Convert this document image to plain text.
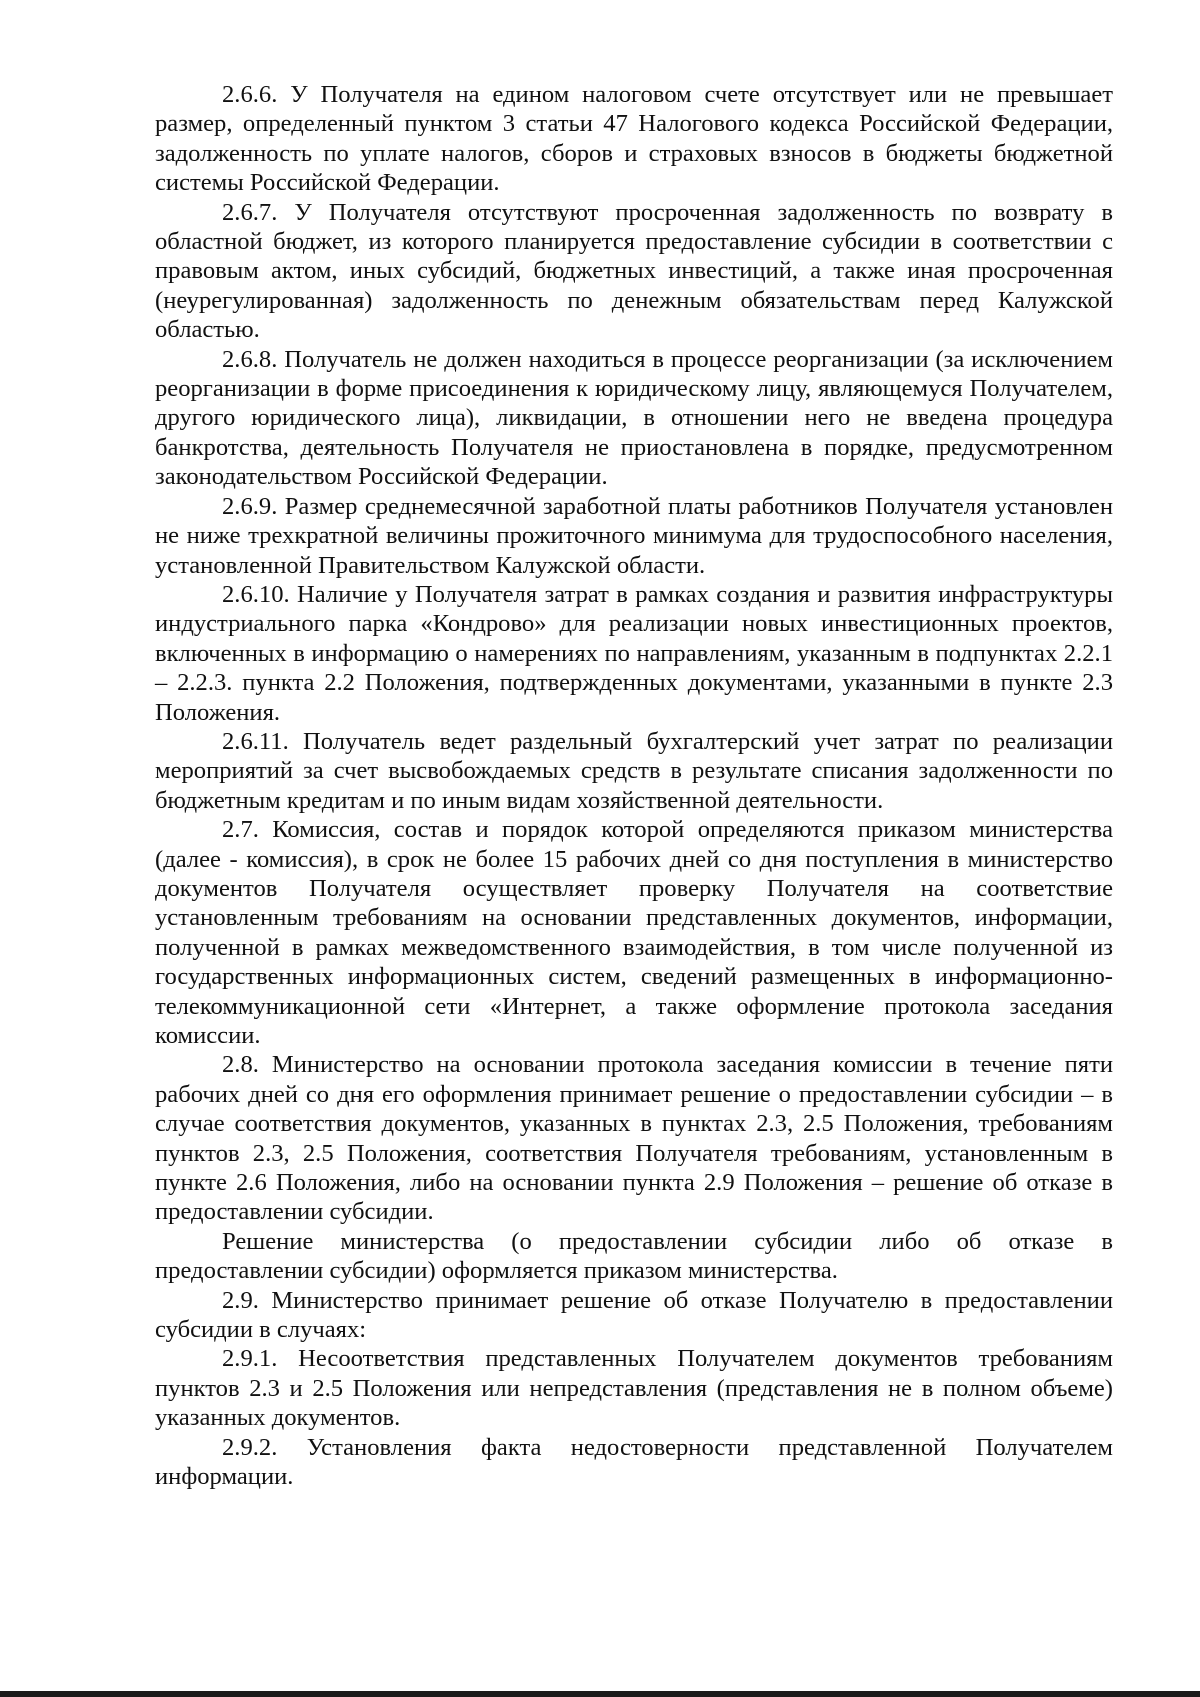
2.6.6. У Получателя на едином налоговом счете отсутствует или не превышает размер, определенный пунктом 3 статьи 47 Налогового кодекса Российской Федерации, задолженность по уплате налогов, сборов и страховых взносов в бюджеты бюджетной системы Российской Федерации.

2.6.7. У Получателя отсутствуют просроченная задолженность по возврату в областной бюджет, из которого планируется предоставление субсидии в соответствии с правовым актом, иных субсидий, бюджетных инвестиций, а также иная просроченная (неурегулированная) задолженность по денежным обязательствам перед Калужской областью.

2.6.8. Получатель не должен находиться в процессе реорганизации (за исключением реорганизации в форме присоединения к юридическому лицу, являющемуся Получателем, другого юридического лица), ликвидации, в отношении него не введена процедура банкротства, деятельность Получателя не приостановлена в порядке, предусмотренном законодательством Российской Федерации.

2.6.9. Размер среднемесячной заработной платы работников Получателя установлен не ниже трехкратной величины прожиточного минимума для трудоспособного населения, установленной Правительством Калужской области.

2.6.10. Наличие у Получателя затрат в рамках создания и развития инфраструктуры индустриального парка «Кондрово» для реализации новых инвестиционных проектов, включенных в информацию о намерениях по направлениям, указанным в подпунктах 2.2.1 – 2.2.3. пункта 2.2 Положения, подтвержденных документами, указанными в пункте 2.3 Положения.

2.6.11. Получатель ведет раздельный бухгалтерский учет затрат по реализации мероприятий за счет высвобождаемых средств в результате списания задолженности по бюджетным кредитам и по иным видам хозяйственной деятельности.

2.7. Комиссия, состав и порядок которой определяются приказом министерства (далее - комиссия), в срок не более 15 рабочих дней со дня поступления в министерство документов Получателя осуществляет проверку Получателя на соответствие установленным требованиям на основании представленных документов, информации, полученной в рамках межведомственного взаимодействия, в том числе полученной из государственных информационных систем, сведений размещенных в информационно-телекоммуникационной сети «Интернет, а также оформление протокола заседания комиссии.

2.8. Министерство на основании протокола заседания комиссии в течение пяти рабочих дней со дня его оформления принимает решение о предоставлении субсидии – в случае соответствия документов, указанных в пунктах 2.3, 2.5 Положения, требованиям пунктов 2.3, 2.5 Положения, соответствия Получателя требованиям, установленным в пункте 2.6 Положения, либо на основании пункта 2.9 Положения – решение об отказе в предоставлении субсидии.

Решение министерства (о предоставлении субсидии либо об отказе в предоставлении субсидии) оформляется приказом министерства.

2.9. Министерство принимает решение об отказе Получателю в предоставлении субсидии в случаях:

2.9.1. Несоответствия представленных Получателем документов требованиям пунктов 2.3 и 2.5 Положения или непредставления (представления не в полном объеме) указанных документов.

2.9.2. Установления факта недостоверности представленной Получателем информации.
